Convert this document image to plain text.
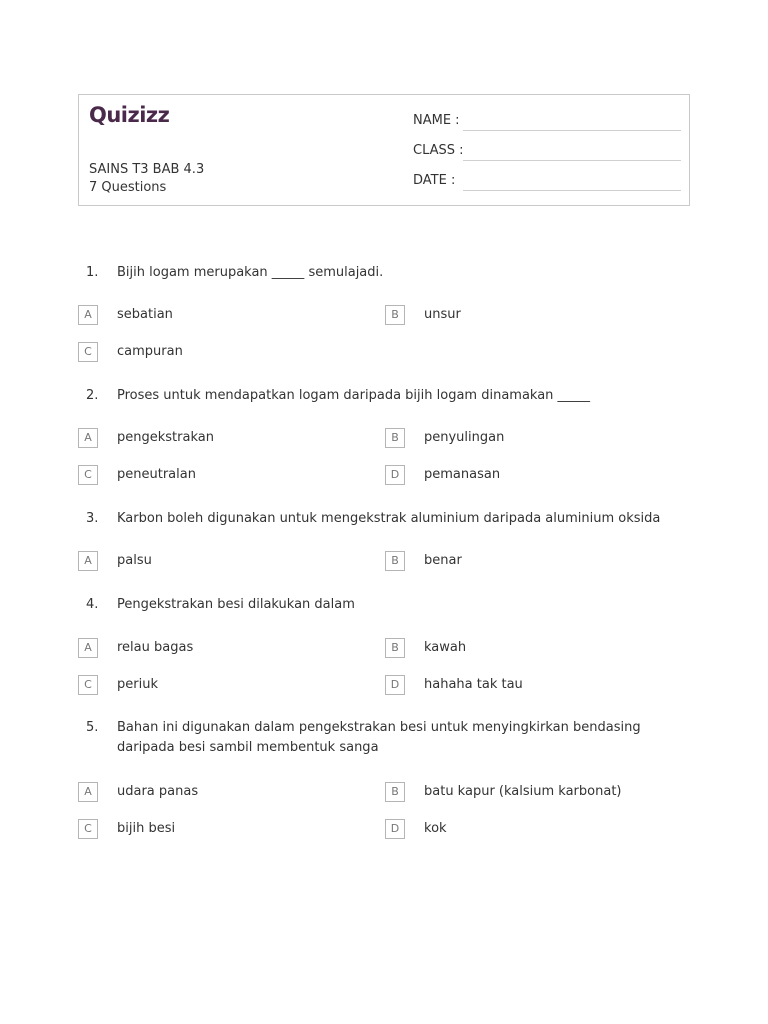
Quizizz
SAINS T3 BAB 4.3
7 Questions
NAME :
CLASS :
DATE :
1. Bijih logam merupakan _____ semulajadi.
A	sebatian	B	unsur
C	campuran
2. Proses untuk mendapatkan logam daripada bijih logam dinamakan _____
A	pengekstrakan	B	penyulingan
C	peneutralan	D	pemanasan
3. Karbon boleh digunakan untuk mengekstrak aluminium daripada aluminium oksida
A	palsu	B	benar
4. Pengekstrakan besi dilakukan dalam
A	relau bagas	B	kawah
C	periuk	D	hahaha tak tau
5. Bahan ini digunakan dalam pengekstrakan besi untuk menyingkirkan bendasing daripada besi sambil membentuk sanga
A	udara panas	B	batu kapur (kalsium karbonat)
C	bijih besi	D	kok
